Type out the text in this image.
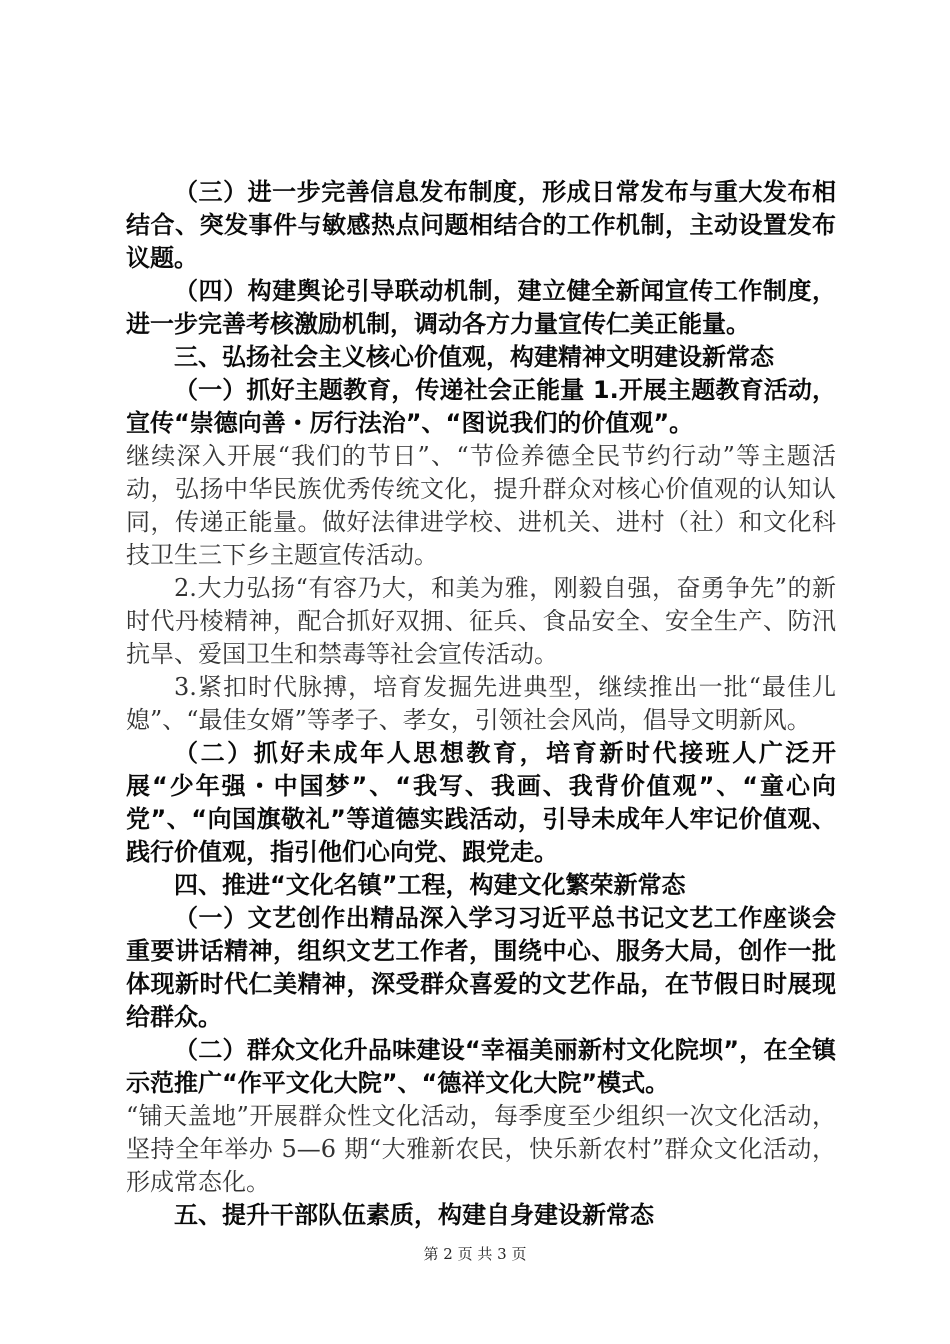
（三）进一步完善信息发布制度，形成日常发布与重大发布相结合、突发事件与敏感热点问题相结合的工作机制，主动设置发布议题。

（四）构建舆论引导联动机制，建立健全新闻宣传工作制度，进一步完善考核激励机制，调动各方力量宣传仁美正能量。

三、弘扬社会主义核心价值观，构建精神文明建设新常态

（一）抓好主题教育，传递社会正能量 1.开展主题教育活动，宣传“崇德向善・厉行法治”、“图说我们的价值观”。

继续深入开展“我们的节日”、“节俭养德全民节约行动”等主题活动，弘扬中华民族优秀传统文化，提升群众对核心价值观的认知认同，传递正能量。做好法律进学校、进机关、进村（社）和文化科技卫生三下乡主题宣传活动。

2.大力弘扬“有容乃大，和美为雅，刚毅自强，奋勇争先”的新时代丹棱精神，配合抓好双拥、征兵、食品安全、安全生产、防汛抗旱、爱国卫生和禁毒等社会宣传活动。

3.紧扣时代脉搏，培育发掘先进典型，继续推出一批“最佳儿媳”、“最佳女婿”等孝子、孝女，引领社会风尚，倡导文明新风。

（二）抓好未成年人思想教育，培育新时代接班人广泛开展“少年强・中国梦”、“我写、我画、我背价值观”、“童心向党”、“向国旗敬礼”等道德实践活动，引导未成年人牢记价值观、践行价值观，指引他们心向党、跟党走。

四、推进“文化名镇”工程，构建文化繁荣新常态

（一）文艺创作出精品深入学习习近平总书记文艺工作座谈会重要讲话精神，组织文艺工作者，围绕中心、服务大局，创作一批体现新时代仁美精神，深受群众喜爱的文艺作品，在节假日时展现给群众。

（二）群众文化升品味建设“幸福美丽新村文化院坝”，在全镇示范推广“作平文化大院”、“德祥文化大院”模式。

“铺天盖地”开展群众性文化活动，每季度至少组织一次文化活动，坚持全年举办 5—6 期“大雅新农民，快乐新农村”群众文化活动，形成常态化。

五、提升干部队伍素质，构建自身建设新常态

第 2 页 共 3 页
